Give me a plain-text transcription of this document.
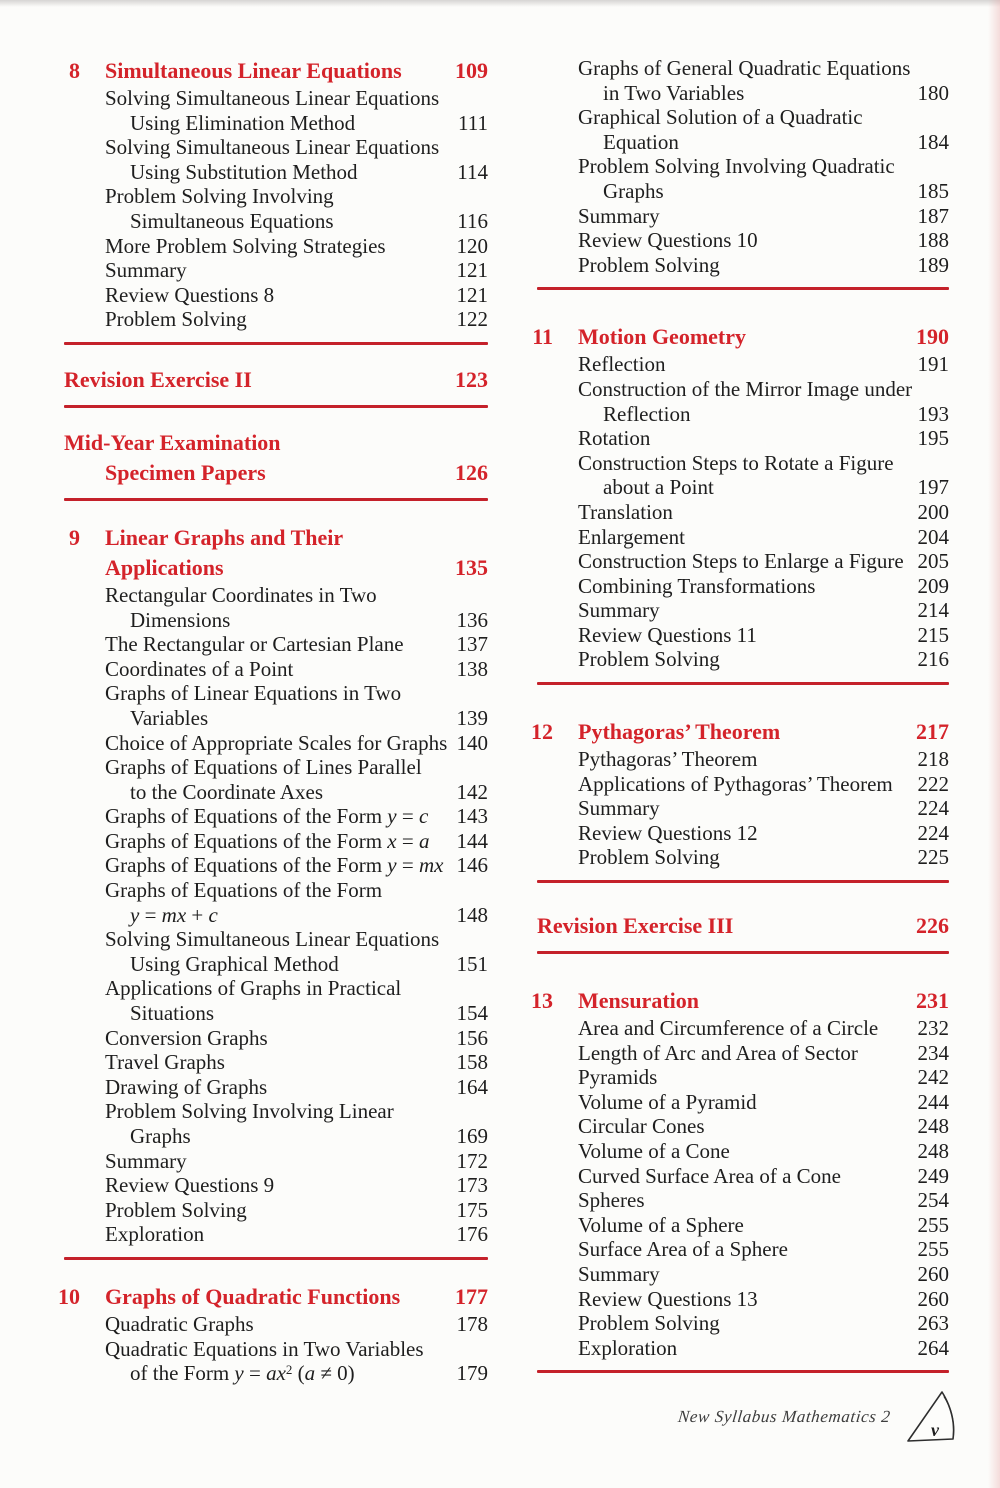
8 Simultaneous Linear Equations	109
Solving Simultaneous Linear Equations
Using Elimination Method	111
Solving Simultaneous Linear Equations
Using Substitution Method	114
Problem Solving Involving
Simultaneous Equations	116
More Problem Solving Strategies	120
Summary	121
Review Questions 8	121
Problem Solving	122
Revision Exercise II	123
Mid-Year Examination
Specimen Papers	126
9 Linear Graphs and Their
Applications	135
Rectangular Coordinates in Two
Dimensions	136
The Rectangular or Cartesian Plane	137
Coordinates of a Point	138
Graphs of Linear Equations in Two
Variables	139
Choice of Appropriate Scales for Graphs 140
Graphs of Equations of Lines Parallel
to the Coordinate Axes	142
Graphs of Equations of the Form y = c	143
Graphs of Equations of the Form x = a	144
Graphs of Equations of the Form y = mx 146
Graphs of Equations of the Form
y = mx + c	148
Solving Simultaneous Linear Equations
Using Graphical Method	151
Applications of Graphs in Practical
Situations	154
Conversion Graphs	156
Travel Graphs	158
Drawing of Graphs	164
Problem Solving Involving Linear
Graphs	169
Summary	172
Review Questions 9	173
Problem Solving	175
Exploration	176
10 Graphs of Quadratic Functions	177
Quadratic Graphs	178
Quadratic Equations in Two Variables
of the Form $y = ax^2$ (a ≠ 0)	179
Graphs of General Quadratic Equations
in Two Variables	180
Graphical Solution of a Quadratic
Equation	184
Problem Solving Involving Quadratic
Graphs	185
Summary	187
Review Questions 10	188
Problem Solving	189
11 Motion Geometry	190
Reflection	191
Construction of the Mirror Image under
Reflection	193
Rotation	195
Construction Steps to Rotate a Figure
about a Point	197
Translation	200
Enlargement	204
Construction Steps to Enlarge a Figure 205
Combining Transformations	209
Summary	214
Review Questions 11	215
Problem Solving	216
12 Pythagoras’ Theorem	217
Pythagoras’ Theorem	218
Applications of Pythagoras’ Theorem	222
Summary	224
Review Questions 12	224
Problem Solving	225
Revision Exercise III	226
13 Mensuration	231
Area and Circumference of a Circle	232
Length of Arc and Area of Sector	234
Pyramids	242
Volume of a Pyramid	244
Circular Cones	248
Volume of a Cone	248
Curved Surface Area of a Cone	249
Spheres	254
Volume of a Sphere	255
Surface Area of a Sphere	255
Summary	260
Review Questions 13	260
Problem Solving	263
Exploration	264
New Syllabus Mathematics 2
v
